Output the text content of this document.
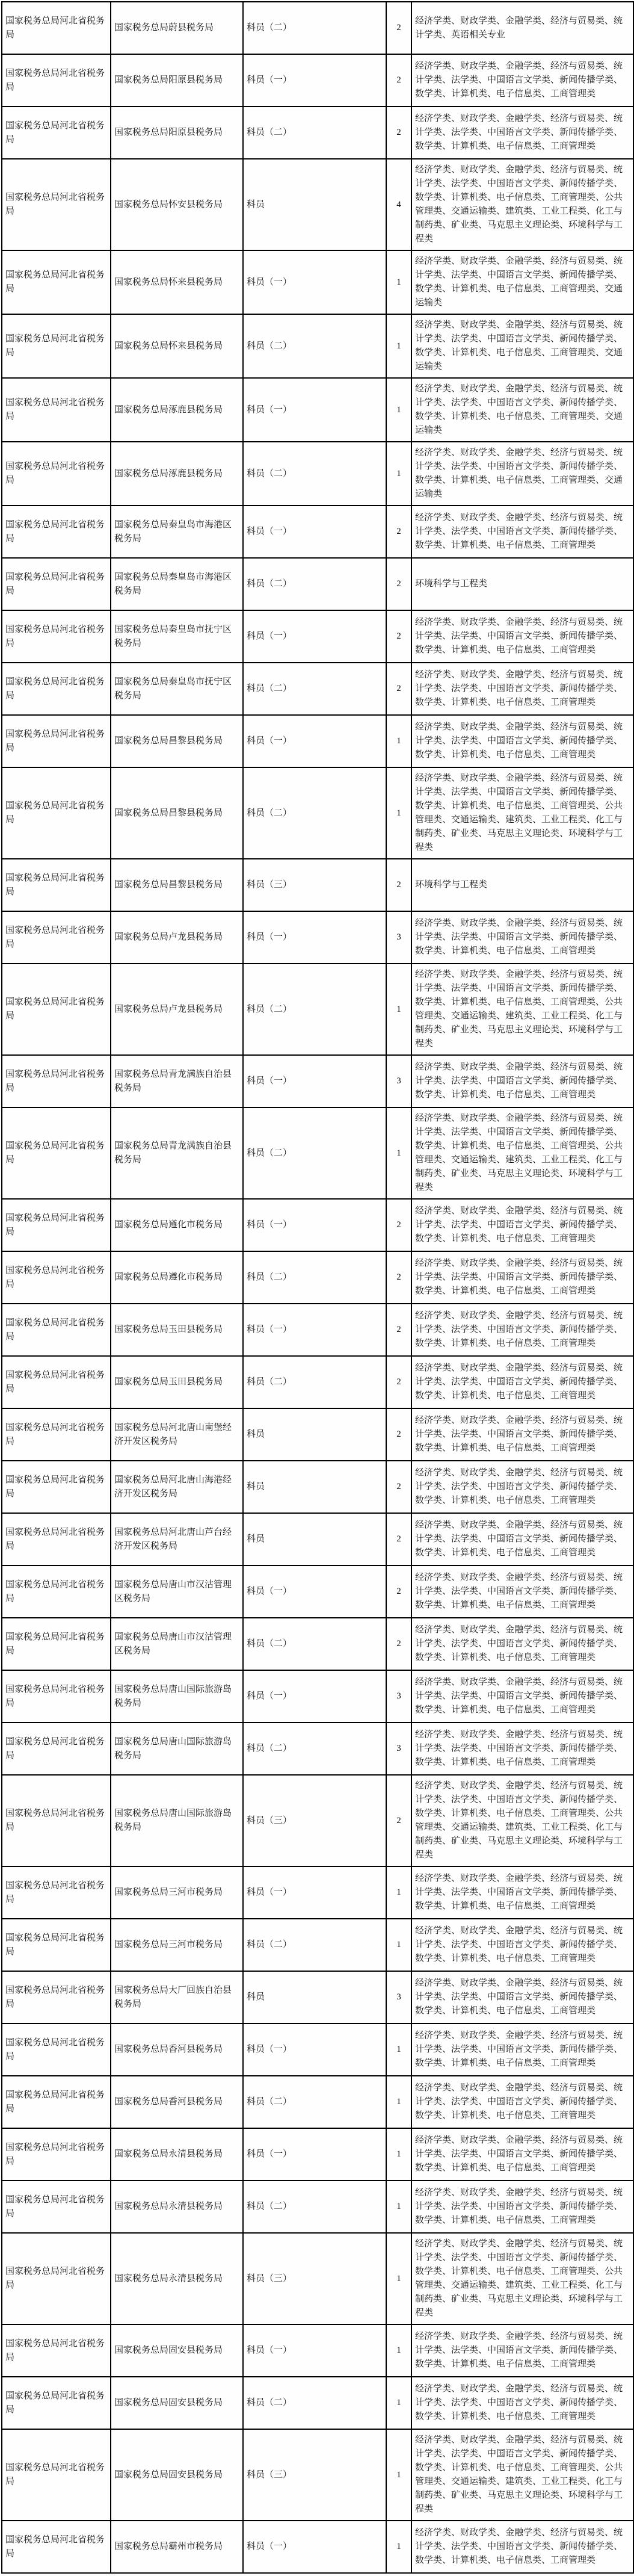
国家税务总局河北省税务局	国家税务总局蔚县税务局	科员（二）	2	经济学类、财政学类、金融学类、经济与贸易类、统计学类、英语相关专业
国家税务总局河北省税务局	国家税务总局阳原县税务局	科员（一）	2	经济学类、财政学类、金融学类、经济与贸易类、统计学类、法学类、中国语言文学类、新闻传播学类、数学类、计算机类、电子信息类、工商管理类
国家税务总局河北省税务局	国家税务总局阳原县税务局	科员（二）	2	经济学类、财政学类、金融学类、经济与贸易类、统计学类、法学类、中国语言文学类、新闻传播学类、数学类、计算机类、电子信息类、工商管理类
国家税务总局河北省税务局	国家税务总局怀安县税务局	科员	4	经济学类、财政学类、金融学类、经济与贸易类、统计学类、法学类、中国语言文学类、新闻传播学类、数学类、计算机类、电子信息类、工商管理类、公共管理类、交通运输类、建筑类、工业工程类、化工与制药类、矿业类、马克思主义理论类、环境科学与工程类
国家税务总局河北省税务局	国家税务总局怀来县税务局	科员（一）	1	经济学类、财政学类、金融学类、经济与贸易类、统计学类、法学类、中国语言文学类、新闻传播学类、数学类、计算机类、电子信息类、工商管理类、交通运输类
国家税务总局河北省税务局	国家税务总局怀来县税务局	科员（二）	1	经济学类、财政学类、金融学类、经济与贸易类、统计学类、法学类、中国语言文学类、新闻传播学类、数学类、计算机类、电子信息类、工商管理类、交通运输类
国家税务总局河北省税务局	国家税务总局涿鹿县税务局	科员（一）	1	经济学类、财政学类、金融学类、经济与贸易类、统计学类、法学类、中国语言文学类、新闻传播学类、数学类、计算机类、电子信息类、工商管理类、交通运输类
国家税务总局河北省税务局	国家税务总局涿鹿县税务局	科员（二）	1	经济学类、财政学类、金融学类、经济与贸易类、统计学类、法学类、中国语言文学类、新闻传播学类、数学类、计算机类、电子信息类、工商管理类、交通运输类
国家税务总局河北省税务局	国家税务总局秦皇岛市海港区税务局	科员（一）	2	经济学类、财政学类、金融学类、经济与贸易类、统计学类、法学类、中国语言文学类、新闻传播学类、数学类、计算机类、电子信息类、工商管理类
国家税务总局河北省税务局	国家税务总局秦皇岛市海港区税务局	科员（二）	2	环境科学与工程类
国家税务总局河北省税务局	国家税务总局秦皇岛市抚宁区税务局	科员（一）	2	经济学类、财政学类、金融学类、经济与贸易类、统计学类、法学类、中国语言文学类、新闻传播学类、数学类、计算机类、电子信息类、工商管理类
国家税务总局河北省税务局	国家税务总局秦皇岛市抚宁区税务局	科员（二）	2	经济学类、财政学类、金融学类、经济与贸易类、统计学类、法学类、中国语言文学类、新闻传播学类、数学类、计算机类、电子信息类、工商管理类
国家税务总局河北省税务局	国家税务总局昌黎县税务局	科员（一）	1	经济学类、财政学类、金融学类、经济与贸易类、统计学类、法学类、中国语言文学类、新闻传播学类、数学类、计算机类、电子信息类、工商管理类
国家税务总局河北省税务局	国家税务总局昌黎县税务局	科员（二）	1	经济学类、财政学类、金融学类、经济与贸易类、统计学类、法学类、中国语言文学类、新闻传播学类、数学类、计算机类、电子信息类、工商管理类、公共管理类、交通运输类、建筑类、工业工程类、化工与制药类、矿业类、马克思主义理论类、环境科学与工程类
国家税务总局河北省税务局	国家税务总局昌黎县税务局	科员（三）	2	环境科学与工程类
国家税务总局河北省税务局	国家税务总局卢龙县税务局	科员（一）	3	经济学类、财政学类、金融学类、经济与贸易类、统计学类、法学类、中国语言文学类、新闻传播学类、数学类、计算机类、电子信息类、工商管理类
国家税务总局河北省税务局	国家税务总局卢龙县税务局	科员（二）	1	经济学类、财政学类、金融学类、经济与贸易类、统计学类、法学类、中国语言文学类、新闻传播学类、数学类、计算机类、电子信息类、工商管理类、公共管理类、交通运输类、建筑类、工业工程类、化工与制药类、矿业类、马克思主义理论类、环境科学与工程类
国家税务总局河北省税务局	国家税务总局青龙满族自治县税务局	科员（一）	3	经济学类、财政学类、金融学类、经济与贸易类、统计学类、法学类、中国语言文学类、新闻传播学类、数学类、计算机类、电子信息类、工商管理类
国家税务总局河北省税务局	国家税务总局青龙满族自治县税务局	科员（二）	1	经济学类、财政学类、金融学类、经济与贸易类、统计学类、法学类、中国语言文学类、新闻传播学类、数学类、计算机类、电子信息类、工商管理类、公共管理类、交通运输类、建筑类、工业工程类、化工与制药类、矿业类、马克思主义理论类、环境科学与工程类
国家税务总局河北省税务局	国家税务总局遵化市税务局	科员（一）	2	经济学类、财政学类、金融学类、经济与贸易类、统计学类、法学类、中国语言文学类、新闻传播学类、数学类、计算机类、电子信息类、工商管理类
国家税务总局河北省税务局	国家税务总局遵化市税务局	科员（二）	2	经济学类、财政学类、金融学类、经济与贸易类、统计学类、法学类、中国语言文学类、新闻传播学类、数学类、计算机类、电子信息类、工商管理类
国家税务总局河北省税务局	国家税务总局玉田县税务局	科员（一）	2	经济学类、财政学类、金融学类、经济与贸易类、统计学类、法学类、中国语言文学类、新闻传播学类、数学类、计算机类、电子信息类、工商管理类
国家税务总局河北省税务局	国家税务总局玉田县税务局	科员（二）	2	经济学类、财政学类、金融学类、经济与贸易类、统计学类、法学类、中国语言文学类、新闻传播学类、数学类、计算机类、电子信息类、工商管理类
国家税务总局河北省税务局	国家税务总局河北唐山南堡经济开发区税务局	科员	2	经济学类、财政学类、金融学类、经济与贸易类、统计学类、法学类、中国语言文学类、新闻传播学类、数学类、计算机类、电子信息类、工商管理类
国家税务总局河北省税务局	国家税务总局河北唐山海港经济开发区税务局	科员	2	经济学类、财政学类、金融学类、经济与贸易类、统计学类、法学类、中国语言文学类、新闻传播学类、数学类、计算机类、电子信息类、工商管理类
国家税务总局河北省税务局	国家税务总局河北唐山芦台经济开发区税务局	科员	2	经济学类、财政学类、金融学类、经济与贸易类、统计学类、法学类、中国语言文学类、新闻传播学类、数学类、计算机类、电子信息类、工商管理类
国家税务总局河北省税务局	国家税务总局唐山市汉沽管理区税务局	科员（一）	2	经济学类、财政学类、金融学类、经济与贸易类、统计学类、法学类、中国语言文学类、新闻传播学类、数学类、计算机类、电子信息类、工商管理类
国家税务总局河北省税务局	国家税务总局唐山市汉沽管理区税务局	科员（二）	2	经济学类、财政学类、金融学类、经济与贸易类、统计学类、法学类、中国语言文学类、新闻传播学类、数学类、计算机类、电子信息类、工商管理类
国家税务总局河北省税务局	国家税务总局唐山国际旅游岛税务局	科员（一）	3	经济学类、财政学类、金融学类、经济与贸易类、统计学类、法学类、中国语言文学类、新闻传播学类、数学类、计算机类、电子信息类、工商管理类
国家税务总局河北省税务局	国家税务总局唐山国际旅游岛税务局	科员（二）	3	经济学类、财政学类、金融学类、经济与贸易类、统计学类、法学类、中国语言文学类、新闻传播学类、数学类、计算机类、电子信息类、工商管理类
国家税务总局河北省税务局	国家税务总局唐山国际旅游岛税务局	科员（三）	2	经济学类、财政学类、金融学类、经济与贸易类、统计学类、法学类、中国语言文学类、新闻传播学类、数学类、计算机类、电子信息类、工商管理类、公共管理类、交通运输类、建筑类、工业工程类、化工与制药类、矿业类、马克思主义理论类、环境科学与工程类
国家税务总局河北省税务局	国家税务总局三河市税务局	科员（一）	1	经济学类、财政学类、金融学类、经济与贸易类、统计学类、法学类、中国语言文学类、新闻传播学类、数学类、计算机类、电子信息类、工商管理类
国家税务总局河北省税务局	国家税务总局三河市税务局	科员（二）	1	经济学类、财政学类、金融学类、经济与贸易类、统计学类、法学类、中国语言文学类、新闻传播学类、数学类、计算机类、电子信息类、工商管理类
国家税务总局河北省税务局	国家税务总局大厂回族自治县税务局	科员	3	经济学类、财政学类、金融学类、经济与贸易类、统计学类、法学类、中国语言文学类、新闻传播学类、数学类、计算机类、电子信息类、工商管理类
国家税务总局河北省税务局	国家税务总局香河县税务局	科员（一）	1	经济学类、财政学类、金融学类、经济与贸易类、统计学类、法学类、中国语言文学类、新闻传播学类、数学类、计算机类、电子信息类、工商管理类
国家税务总局河北省税务局	国家税务总局香河县税务局	科员（二）	1	经济学类、财政学类、金融学类、经济与贸易类、统计学类、法学类、中国语言文学类、新闻传播学类、数学类、计算机类、电子信息类、工商管理类
国家税务总局河北省税务局	国家税务总局永清县税务局	科员（一）	1	经济学类、财政学类、金融学类、经济与贸易类、统计学类、法学类、中国语言文学类、新闻传播学类、数学类、计算机类、电子信息类、工商管理类
国家税务总局河北省税务局	国家税务总局永清县税务局	科员（二）	1	经济学类、财政学类、金融学类、经济与贸易类、统计学类、法学类、中国语言文学类、新闻传播学类、数学类、计算机类、电子信息类、工商管理类
国家税务总局河北省税务局	国家税务总局永清县税务局	科员（三）	1	经济学类、财政学类、金融学类、经济与贸易类、统计学类、法学类、中国语言文学类、新闻传播学类、数学类、计算机类、电子信息类、工商管理类、公共管理类、交通运输类、建筑类、工业工程类、化工与制药类、矿业类、马克思主义理论类、环境科学与工程类
国家税务总局河北省税务局	国家税务总局固安县税务局	科员（一）	1	经济学类、财政学类、金融学类、经济与贸易类、统计学类、法学类、中国语言文学类、新闻传播学类、数学类、计算机类、电子信息类、工商管理类
国家税务总局河北省税务局	国家税务总局固安县税务局	科员（二）	1	经济学类、财政学类、金融学类、经济与贸易类、统计学类、法学类、中国语言文学类、新闻传播学类、数学类、计算机类、电子信息类、工商管理类
国家税务总局河北省税务局	国家税务总局固安县税务局	科员（三）	1	经济学类、财政学类、金融学类、经济与贸易类、统计学类、法学类、中国语言文学类、新闻传播学类、数学类、计算机类、电子信息类、工商管理类、公共管理类、交通运输类、建筑类、工业工程类、化工与制药类、矿业类、马克思主义理论类、环境科学与工程类
国家税务总局河北省税务局	国家税务总局霸州市税务局	科员（一）	1	经济学类、财政学类、金融学类、经济与贸易类、统计学类、法学类、中国语言文学类、新闻传播学类、数学类、计算机类、电子信息类、工商管理类
